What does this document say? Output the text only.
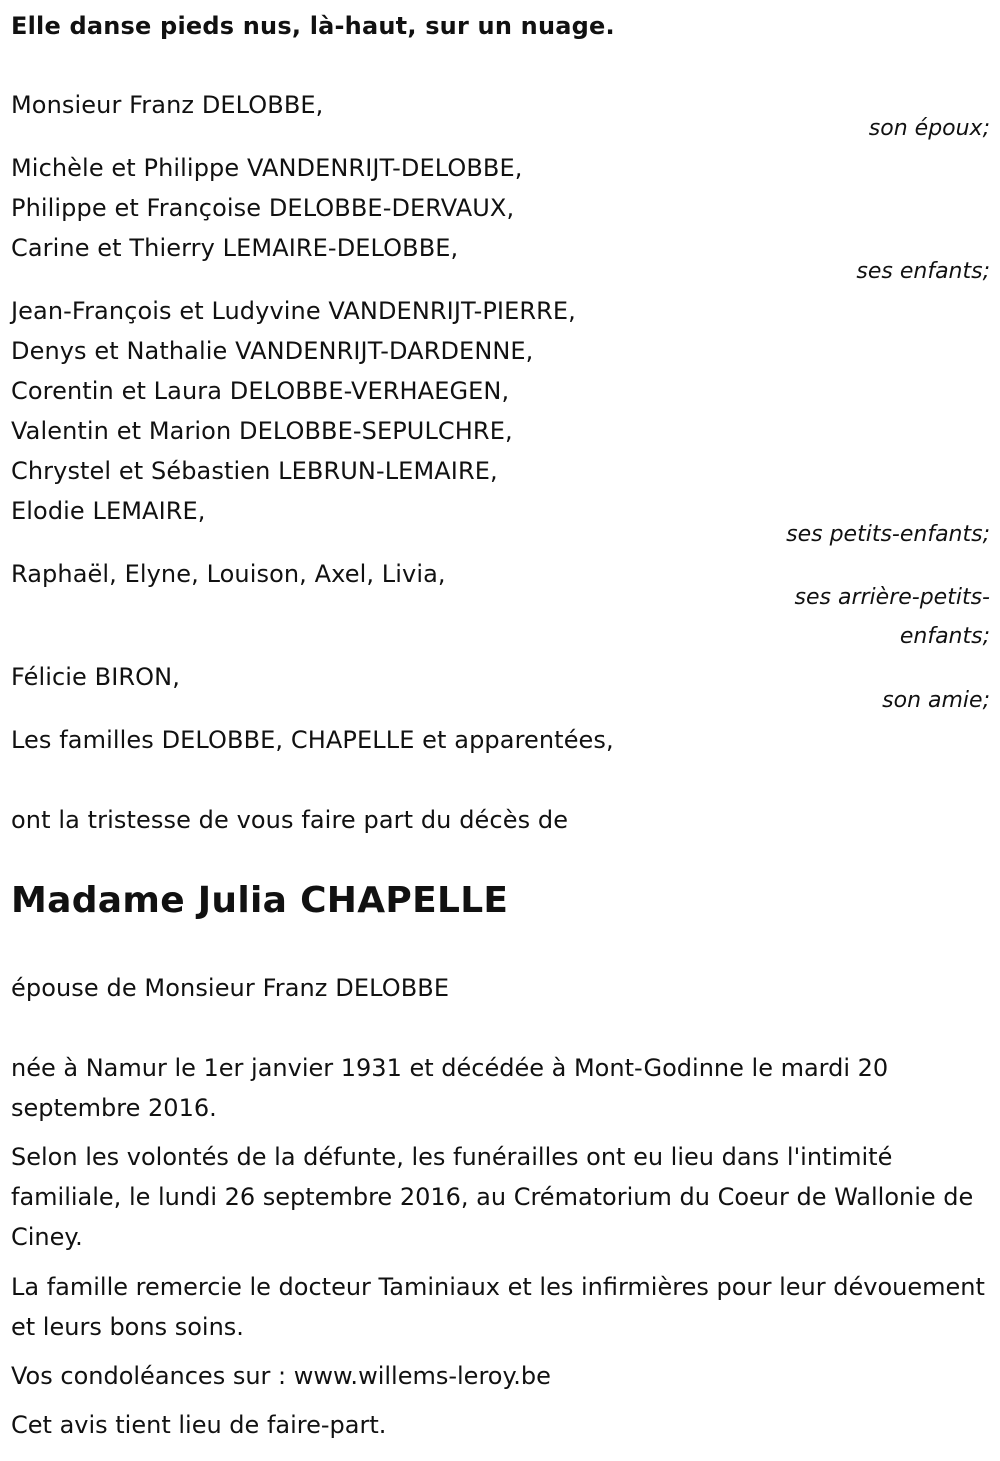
Elle danse pieds nus, là-haut, sur un nuage.
Monsieur Franz DELOBBE,
son époux;
Michèle et Philippe VANDENRIJT-DELOBBE,
Philippe et Françoise DELOBBE-DERVAUX,
Carine et Thierry LEMAIRE-DELOBBE,
ses enfants;
Jean-François et Ludyvine VANDENRIJT-PIERRE,
Denys et Nathalie VANDENRIJT-DARDENNE,
Corentin et Laura DELOBBE-VERHAEGEN,
Valentin et Marion DELOBBE-SEPULCHRE,
Chrystel et Sébastien LEBRUN-LEMAIRE,
Elodie LEMAIRE,
ses petits-enfants;
Raphaël, Elyne, Louison, Axel, Livia,
ses arrière-petits-
enfants;
Félicie BIRON,
son amie;
Les familles DELOBBE, CHAPELLE et apparentées,
ont la tristesse de vous faire part du décès de
Madame Julia CHAPELLE
épouse de Monsieur Franz DELOBBE
née à Namur le 1er janvier 1931 et décédée à Mont-Godinne le mardi 20 septembre 2016.
Selon les volontés de la défunte, les funérailles ont eu lieu dans l'intimité familiale, le lundi 26 septembre 2016, au Crématorium du Coeur de Wallonie de Ciney.
La famille remercie le docteur Taminiaux et les infirmières pour leur dévouement et leurs bons soins.
Vos condoléances sur : www.willems-leroy.be
Cet avis tient lieu de faire-part.
